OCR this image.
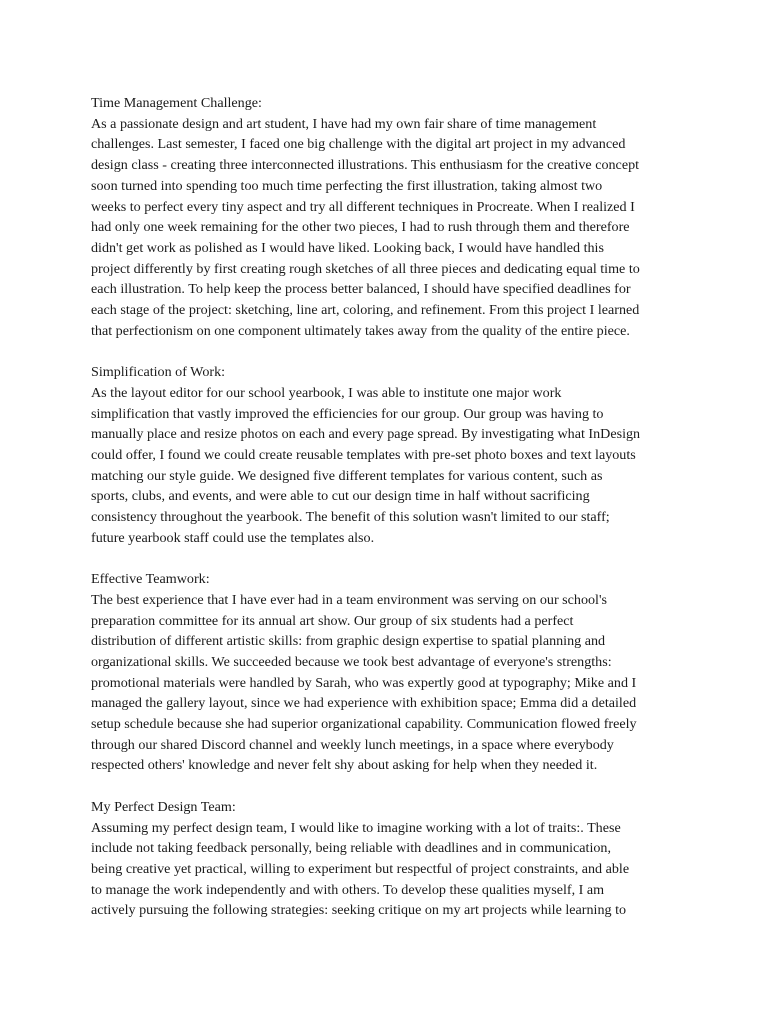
Time Management Challenge:
As a passionate design and art student, I have had my own fair share of time management
challenges. Last semester, I faced one big challenge with the digital art project in my advanced
design class - creating three interconnected illustrations. This enthusiasm for the creative concept
soon turned into spending too much time perfecting the first illustration, taking almost two
weeks to perfect every tiny aspect and try all different techniques in Procreate. When I realized I
had only one week remaining for the other two pieces, I had to rush through them and therefore
didn't get work as polished as I would have liked. Looking back, I would have handled this
project differently by first creating rough sketches of all three pieces and dedicating equal time to
each illustration. To help keep the process better balanced, I should have specified deadlines for
each stage of the project: sketching, line art, coloring, and refinement. From this project I learned
that perfectionism on one component ultimately takes away from the quality of the entire piece.
Simplification of Work:
As the layout editor for our school yearbook, I was able to institute one major work
simplification that vastly improved the efficiencies for our group. Our group was having to
manually place and resize photos on each and every page spread. By investigating what InDesign
could offer, I found we could create reusable templates with pre-set photo boxes and text layouts
matching our style guide. We designed five different templates for various content, such as
sports, clubs, and events, and were able to cut our design time in half without sacrificing
consistency throughout the yearbook. The benefit of this solution wasn't limited to our staff;
future yearbook staff could use the templates also.
Effective Teamwork:
The best experience that I have ever had in a team environment was serving on our school's
preparation committee for its annual art show. Our group of six students had a perfect
distribution of different artistic skills: from graphic design expertise to spatial planning and
organizational skills. We succeeded because we took best advantage of everyone's strengths:
promotional materials were handled by Sarah, who was expertly good at typography; Mike and I
managed the gallery layout, since we had experience with exhibition space; Emma did a detailed
setup schedule because she had superior organizational capability. Communication flowed freely
through our shared Discord channel and weekly lunch meetings, in a space where everybody
respected others' knowledge and never felt shy about asking for help when they needed it.
My Perfect Design Team:
Assuming my perfect design team, I would like to imagine working with a lot of traits:. These
include not taking feedback personally, being reliable with deadlines and in communication,
being creative yet practical, willing to experiment but respectful of project constraints, and able
to manage the work independently and with others. To develop these qualities myself, I am
actively pursuing the following strategies: seeking critique on my art projects while learning to
